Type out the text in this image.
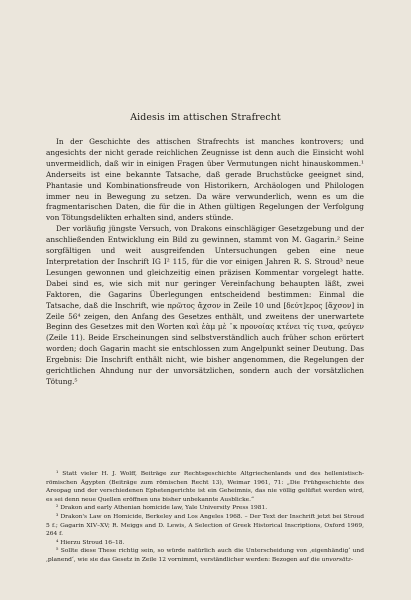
Aidesis im attischen Strafrecht

In der Geschichte des attischen Strafrechts ist manches kontrovers; und angesichts der nicht gerade reichlichen Zeugnisse ist denn auch die Einsicht wohl unvermeidlich, daß wir in einigen Fragen über Vermutungen nicht hinauskommen.¹ Anderseits ist eine bekannte Tatsache, daß gerade Bruchstücke geeignet sind, Phantasie und Kombinationsfreude von Historikern, Archäologen und Philologen immer neu in Bewegung zu setzen. Da wäre verwunderlich, wenn es um die fragmentarischen Daten, die für die in Athen gültigen Regelungen der Verfolgung von Tötungsdelikten erhalten sind, anders stünde.

Der vorläufig jüngste Versuch, von Drakons einschlägiger Gesetzgebung und der anschließenden Entwicklung ein Bild zu gewinnen, stammt von M. Gagarin.² Seine sorgfältigen und weit ausgreifenden Untersuchungen geben eine neue Interpretation der Inschrift IG I² 115, für die vor einigen Jahren R. S. Stroud³ neue Lesungen gewonnen und gleichzeitig einen präzisen Kommentar vorgelegt hatte. Dabei sind es, wie sich mit nur geringer Vereinfachung behaupten läßt, zwei Faktoren, die Gagarins Überlegungen entscheidend bestimmen: Einmal die Tatsache, daß die Inschrift, wie πρῶτος ἄχσον in Zeile 10 und [δεύτ]ερος [ἄχσον] in Zeile 56⁴ zeigen, den Anfang des Gesetzes enthält, und zweitens der unerwartete Beginn des Gesetzes mit den Worten καὶ ἐὰμ μὲ ᾽κ προνοίας κτένει τίς τινα, φεύγεν (Zeile 11). Beide Erscheinungen sind selbstverständlich auch früher schon erörtert worden; doch Gagarin macht sie entschlossen zum Angelpunkt seiner Deutung. Das Ergebnis: Die Inschrift enthält nicht, wie bisher angenommen, die Regelungen der gerichtlichen Ahndung nur der unvorsätzlichen, sondern auch der vorsätzlichen Tötung.⁵

¹ Statt vieler H. J. Wolff, Beiträge zur Rechtsgeschichte Altgriechenlands und des hellenistisch-römischen Ägypten (Beiträge zum römischen Recht 13), Weimar 1961, 71: „Die Frühgeschichte des Areopag und der verschiedenen Ephetengerichte ist ein Geheimnis, das nie völlig gelüftet werden wird, es sei denn neue Quellen eröffnen uns bisher unbekannte Ausblicke.“

² Drakon and early Athenian homicide law, Yale University Press 1981.

³ Drakon's Law on Homicide, Berkeley and Los Angeles 1968. – Der Text der Inschrift jetzt bei Stroud 5 f.; Gagarin XIV–XV; R. Meiggs and D. Lewis, A Selection of Greek Historical Inscriptions, Oxford 1969, 264 f.

⁴ Hierzu Stroud 16–18.

⁵ Sollte diese These richtig sein, so würde natürlich auch die Unterscheidung von ‚eigenhändig‘ und ‚planend‘, wie sie das Gesetz in Zeile 12 vornimmt, verständlicher werden: Bezogen auf die unvorsätz-
